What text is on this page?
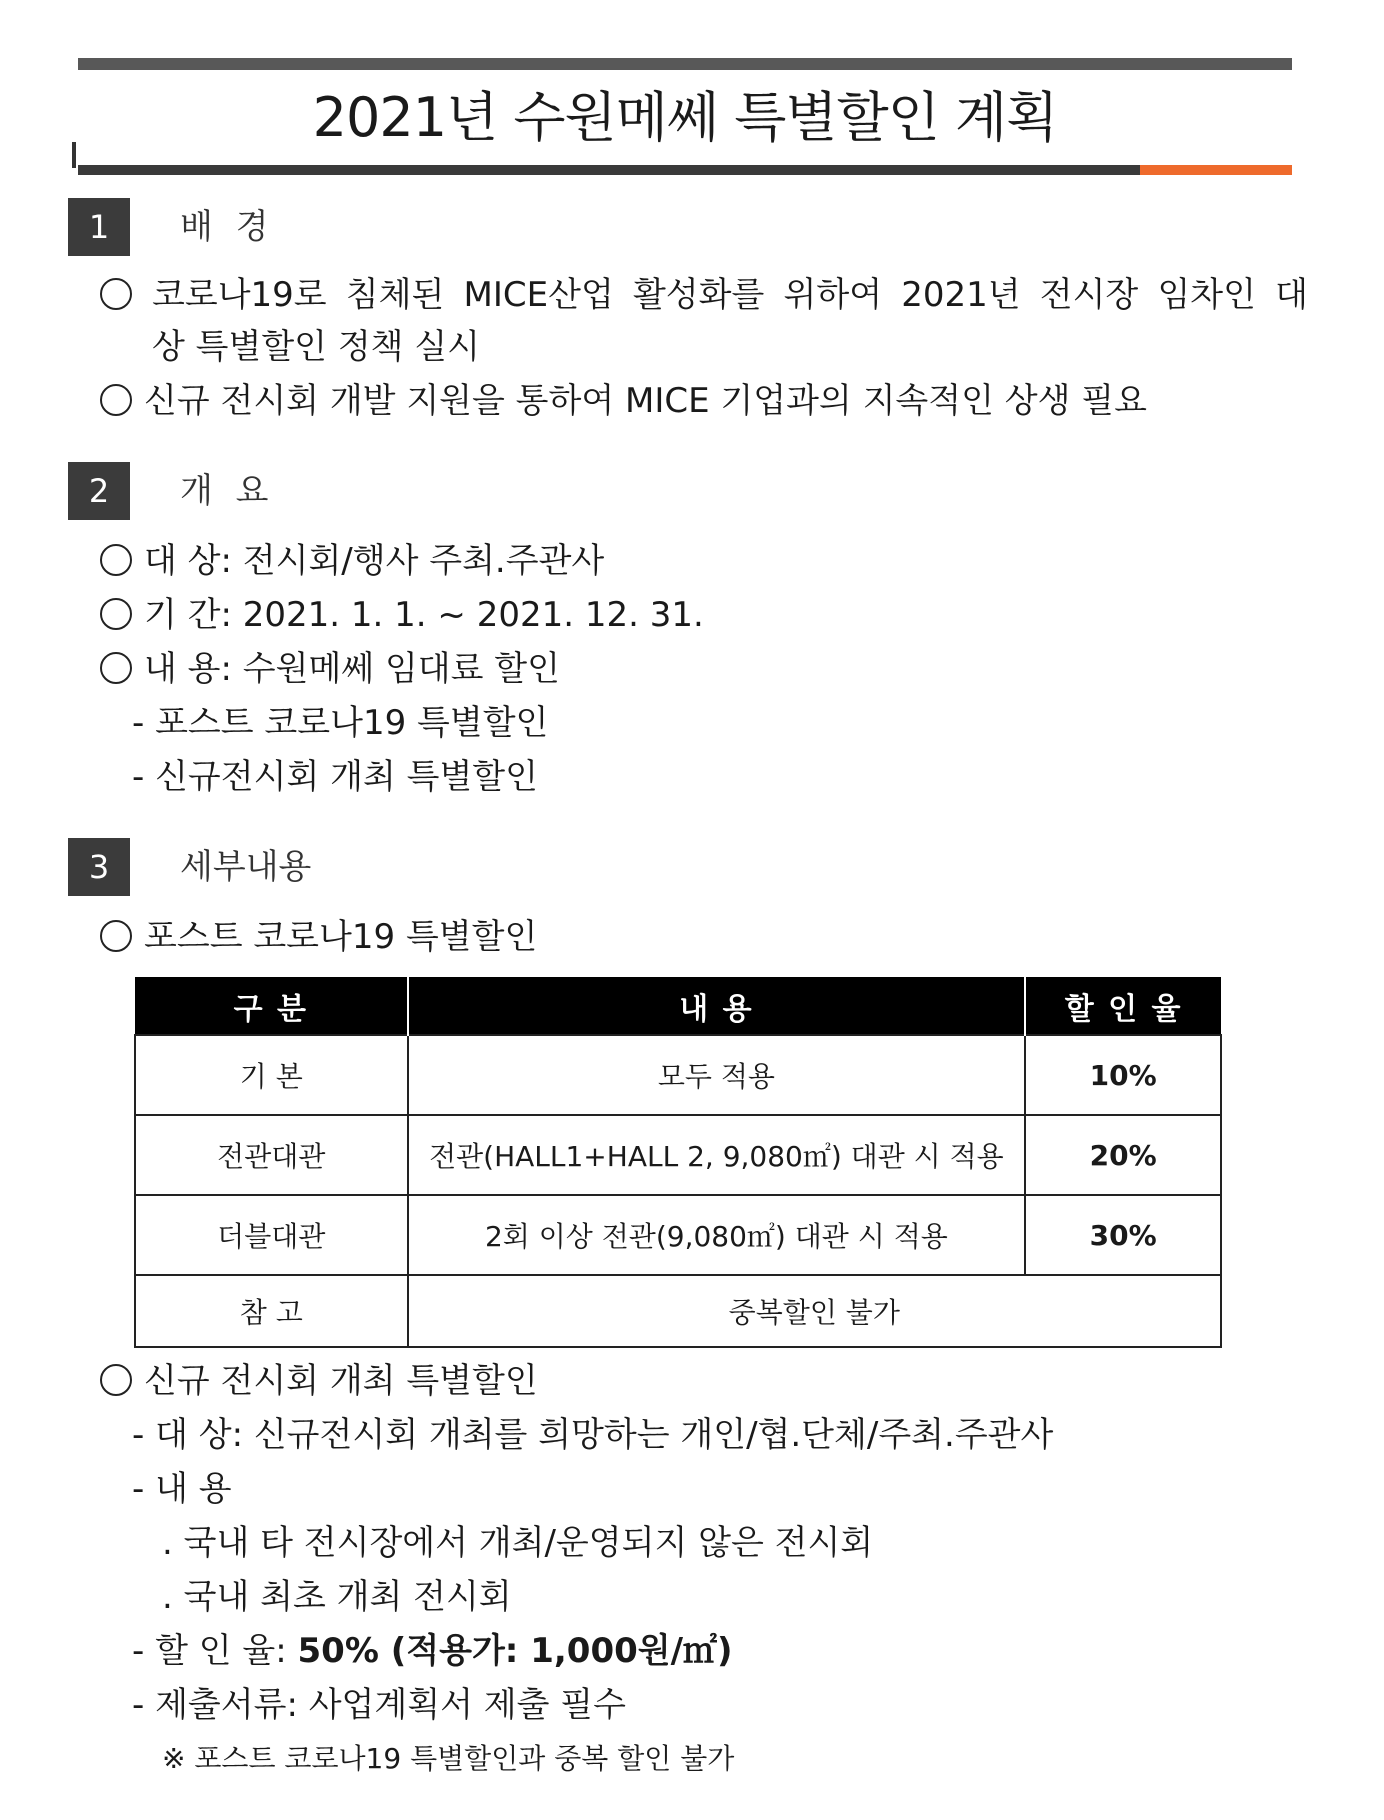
2021년 수원메쎄 특별할인 계획
1	배 경
코로나19로 침체된 MICE산업 활성화를 위하여 2021년 전시장 임차인 대
상 특별할인 정책 실시
신규 전시회 개발 지원을 통하여 MICE 기업과의 지속적인 상생 필요
2	개 요
대 상: 전시회/행사 주최.주관사
기 간: 2021. 1. 1. ~ 2021. 12. 31.
내 용: 수원메쎄 임대료 할인
- 포스트 코로나19 특별할인
- 신규전시회 개최 특별할인
3	세부내용
포스트 코로나19 특별할인
구 분	내 용	할 인 율
기 본	모두 적용	10%
전관대관	전관(HALL1+HALL 2, 9,080㎡) 대관 시 적용	20%
더블대관	2회 이상 전관(9,080㎡) 대관 시 적용	30%
참 고	중복할인 불가	
신규 전시회 개최 특별할인
- 대 상: 신규전시회 개최를 희망하는 개인/협.단체/주최.주관사
- 내 용
. 국내 타 전시장에서 개최/운영되지 않은 전시회
. 국내 최초 개최 전시회
- 할 인 율: 50% (적용가: 1,000원/㎡)
- 제출서류: 사업계획서 제출 필수
※ 포스트 코로나19 특별할인과 중복 할인 불가
